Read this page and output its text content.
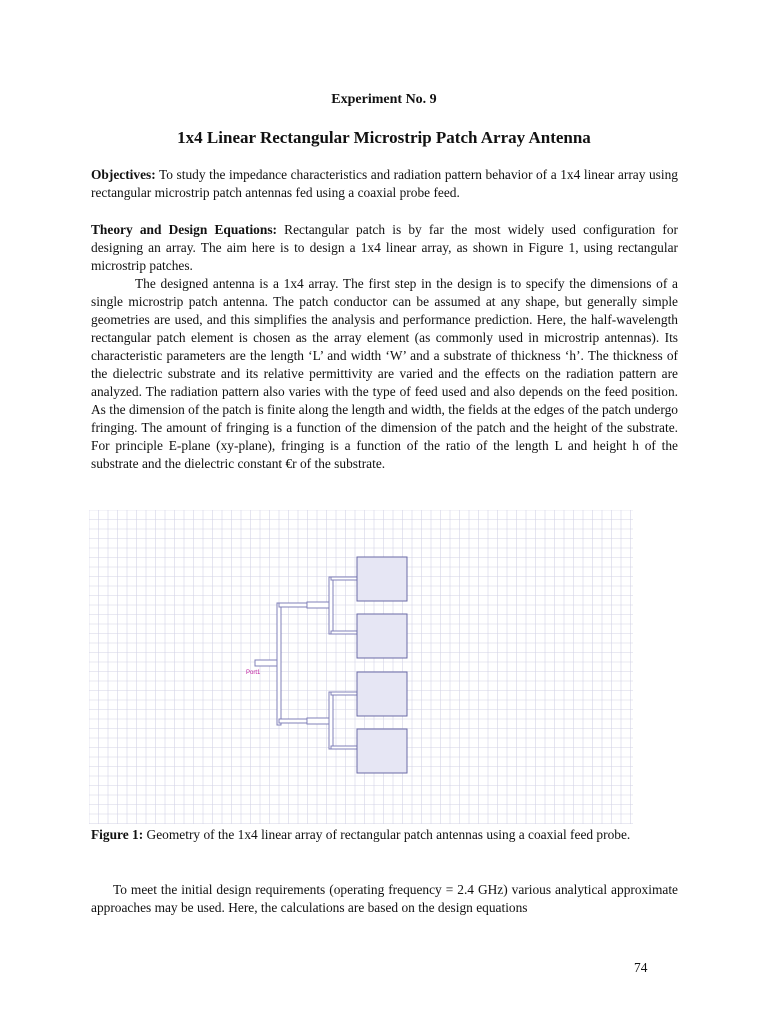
Experiment No. 9
1x4 Linear Rectangular Microstrip Patch Array Antenna

Objectives: To study the impedance characteristics and radiation pattern behavior of a 1x4 linear array using rectangular microstrip patch antennas fed using a coaxial probe feed.

Theory and Design Equations: Rectangular patch is by far the most widely used configuration for designing an array. The aim here is to design a 1x4 linear array, as shown in Figure 1, using rectangular microstrip patches.

The designed antenna is a 1x4 array. The first step in the design is to specify the dimensions of a single microstrip patch antenna. The patch conductor can be assumed at any shape, but generally simple geometries are used, and this simplifies the analysis and performance prediction. Here, the half-wavelength rectangular patch element is chosen as the array element (as commonly used in microstrip antennas). Its characteristic parameters are the length ‘L’ and width ‘W’ and a substrate of thickness ‘h’. The thickness of the dielectric substrate and its relative permittivity are varied and the effects on the radiation pattern are analyzed. The radiation pattern also varies with the type of feed used and also depends on the feed position. As the dimension of the patch is finite along the length and width, the fields at the edges of the patch undergo fringing. The amount of fringing is a function of the dimension of the patch and the height of the substrate. For principle E-plane (xy-plane), fringing is a function of the ratio of the length L and height h of the substrate and the dielectric constant €r of the substrate.

Port1

Figure 1: Geometry of the 1x4 linear array of rectangular patch antennas using a coaxial feed probe.

To meet the initial design requirements (operating frequency = 2.4 GHz) various analytical approximate approaches may be used. Here, the calculations are based on the design equations

74
